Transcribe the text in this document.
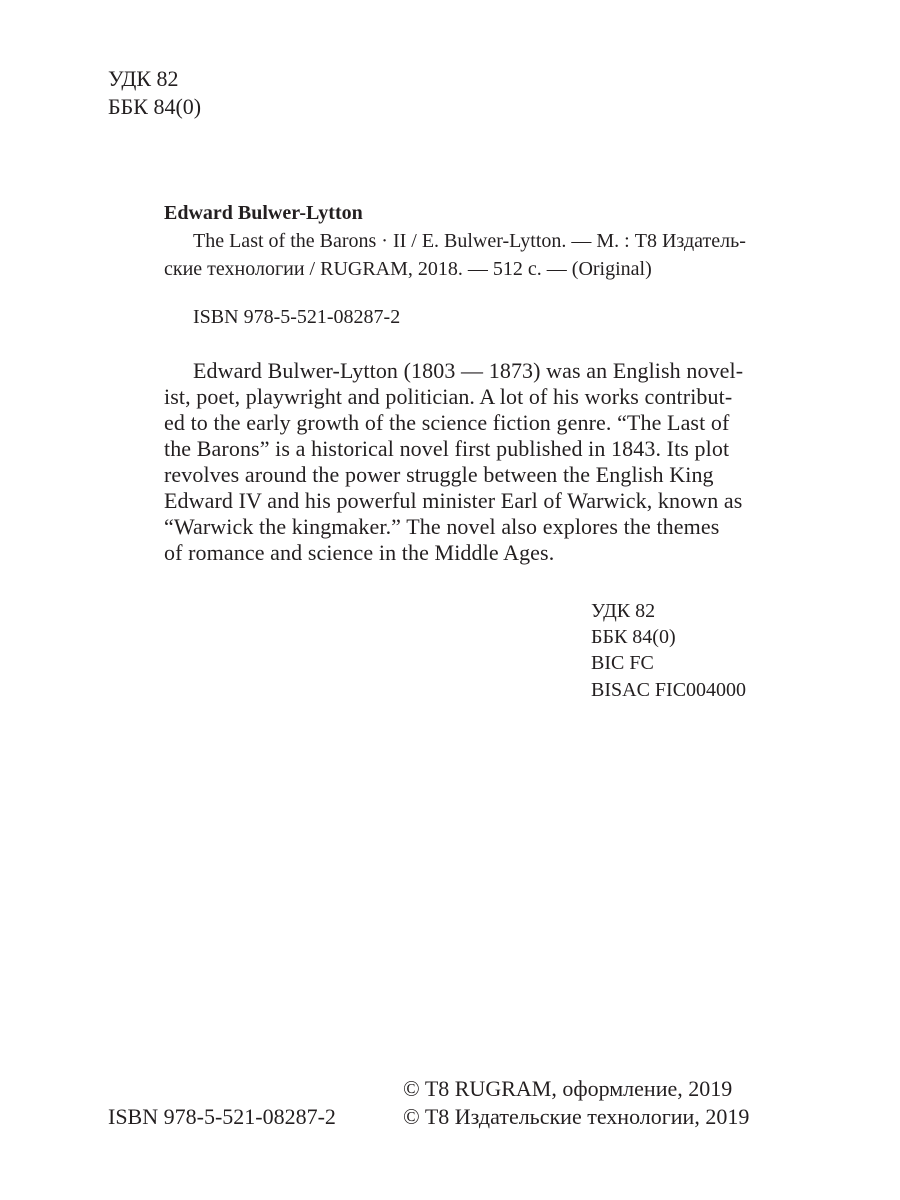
УДК 82
ББК 84(0)
Edward Bulwer-Lytton
The Last of the Barons · II / E. Bulwer-Lytton. — М. : T8 Издатель-
ские технологии / RUGRAM, 2018. — 512 c. — (Original)
ISBN 978-5-521-08287-2
Edward Bulwer-Lytton (1803 — 1873) was an English novel-
ist, poet, playwright and politician. A lot of his works contribut-
ed to the early growth of the science fiction genre. “The Last of
the Barons” is a historical novel first published in 1843. Its plot
revolves around the power struggle between the English King
Edward IV and his powerful minister Earl of Warwick, known as
“Warwick the kingmaker.” The novel also explores the themes
of romance and science in the Middle Ages.
УДК 82
ББК 84(0)
BIC FC
BISAC FIC004000
© T8 RUGRAM, оформление, 2019
ISBN 978-5-521-08287-2	© T8 Издательские технологии, 2019
